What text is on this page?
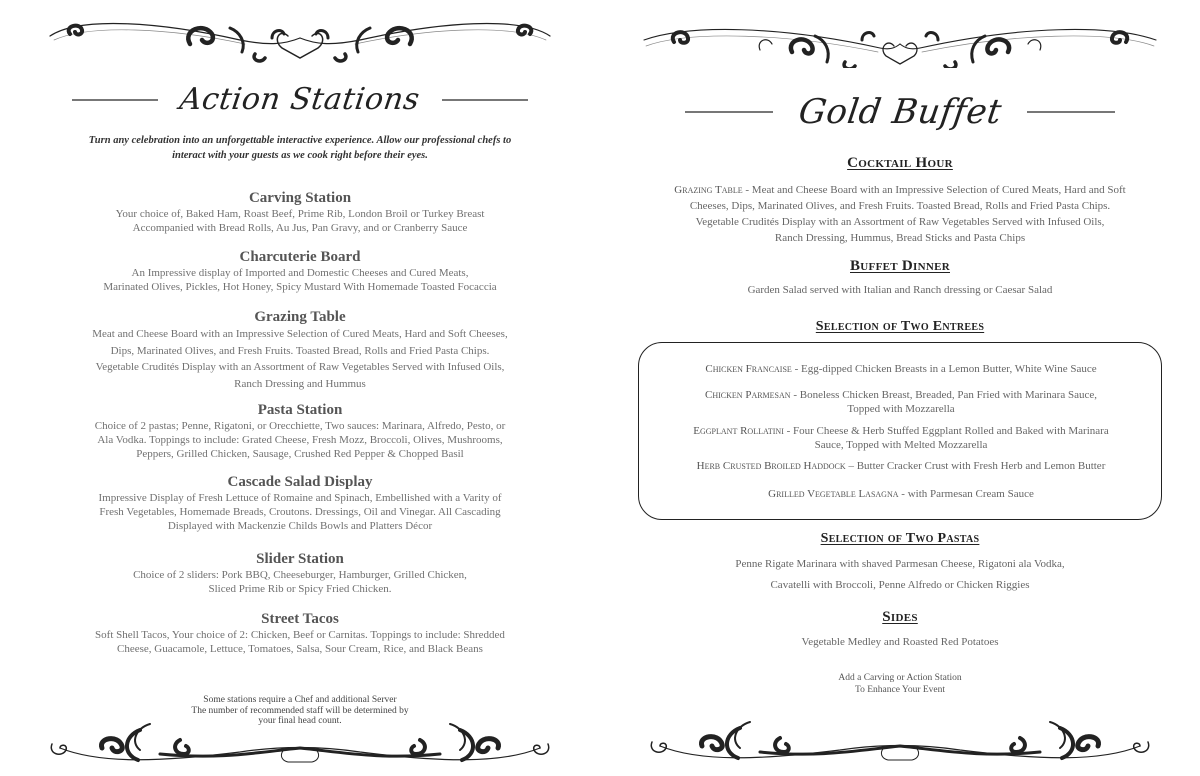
Action Stations
Turn any celebration into an unforgettable interactive experience. Allow our professional chefs to interact with your guests as we cook right before their eyes.
Carving Station
Your choice of, Baked Ham, Roast Beef, Prime Rib, London Broil or Turkey Breast
Accompanied with Bread Rolls, Au Jus, Pan Gravy, and or Cranberry Sauce
Charcuterie Board
An Impressive display of Imported and Domestic Cheeses and Cured Meats,
Marinated Olives, Pickles, Hot Honey, Spicy Mustard With Homemade Toasted Focaccia
Grazing Table
Meat and Cheese Board with an Impressive Selection of Cured Meats, Hard and Soft Cheeses,
Dips, Marinated Olives, and Fresh Fruits. Toasted Bread, Rolls and Fried Pasta Chips.
Vegetable Crudités Display with an Assortment of Raw Vegetables Served with Infused Oils,
Ranch Dressing and Hummus
Pasta Station
Choice of 2 pastas; Penne, Rigatoni, or Orecchiette, Two sauces: Marinara, Alfredo, Pesto, or
Ala Vodka. Toppings to include: Grated Cheese, Fresh Mozz, Broccoli, Olives, Mushrooms,
Peppers, Grilled Chicken, Sausage, Crushed Red Pepper & Chopped Basil
Cascade Salad Display
Impressive Display of Fresh Lettuce of Romaine and Spinach, Embellished with a Varity of
Fresh Vegetables, Homemade Breads, Croutons. Dressings, Oil and Vinegar. All Cascading
Displayed with Mackenzie Childs Bowls and Platters Décor
Slider Station
Choice of 2 sliders: Pork BBQ, Cheeseburger, Hamburger, Grilled Chicken,
Sliced Prime Rib or Spicy Fried Chicken.
Street Tacos
Soft Shell Tacos, Your choice of 2: Chicken, Beef or Carnitas. Toppings to include: Shredded
Cheese, Guacamole, Lettuce, Tomatoes, Salsa, Sour Cream, Rice, and Black Beans
Some stations require a Chef and additional Server
The number of recommended staff will be determined by
your final head count.
Gold Buffet
Cocktail Hour
Grazing Table - Meat and Cheese Board with an Impressive Selection of Cured Meats, Hard and Soft
Cheeses, Dips, Marinated Olives, and Fresh Fruits. Toasted Bread, Rolls and Fried Pasta Chips.
Vegetable Crudités Display with an Assortment of Raw Vegetables Served with Infused Oils,
Ranch Dressing, Hummus, Bread Sticks and Pasta Chips
Buffet Dinner
Garden Salad served with Italian and Ranch dressing or Caesar Salad
Selection of Two Entrees
Chicken Francaise - Egg-dipped Chicken Breasts in a Lemon Butter, White Wine Sauce
Chicken Parmesan - Boneless Chicken Breast, Breaded, Pan Fried with Marinara Sauce,
Topped with Mozzarella
Eggplant Rollatini - Four Cheese & Herb Stuffed Eggplant Rolled and Baked with Marinara
Sauce, Topped with Melted Mozzarella
Herb Crusted Broiled Haddock – Butter Cracker Crust with Fresh Herb and Lemon Butter
Grilled Vegetable Lasagna - with Parmesan Cream Sauce
Selection of Two Pastas
Penne Rigate Marinara with shaved Parmesan Cheese, Rigatoni ala Vodka,
Cavatelli with Broccoli, Penne Alfredo or Chicken Riggies
Sides
Vegetable Medley and Roasted Red Potatoes
Add a Carving or Action Station
To Enhance Your Event
